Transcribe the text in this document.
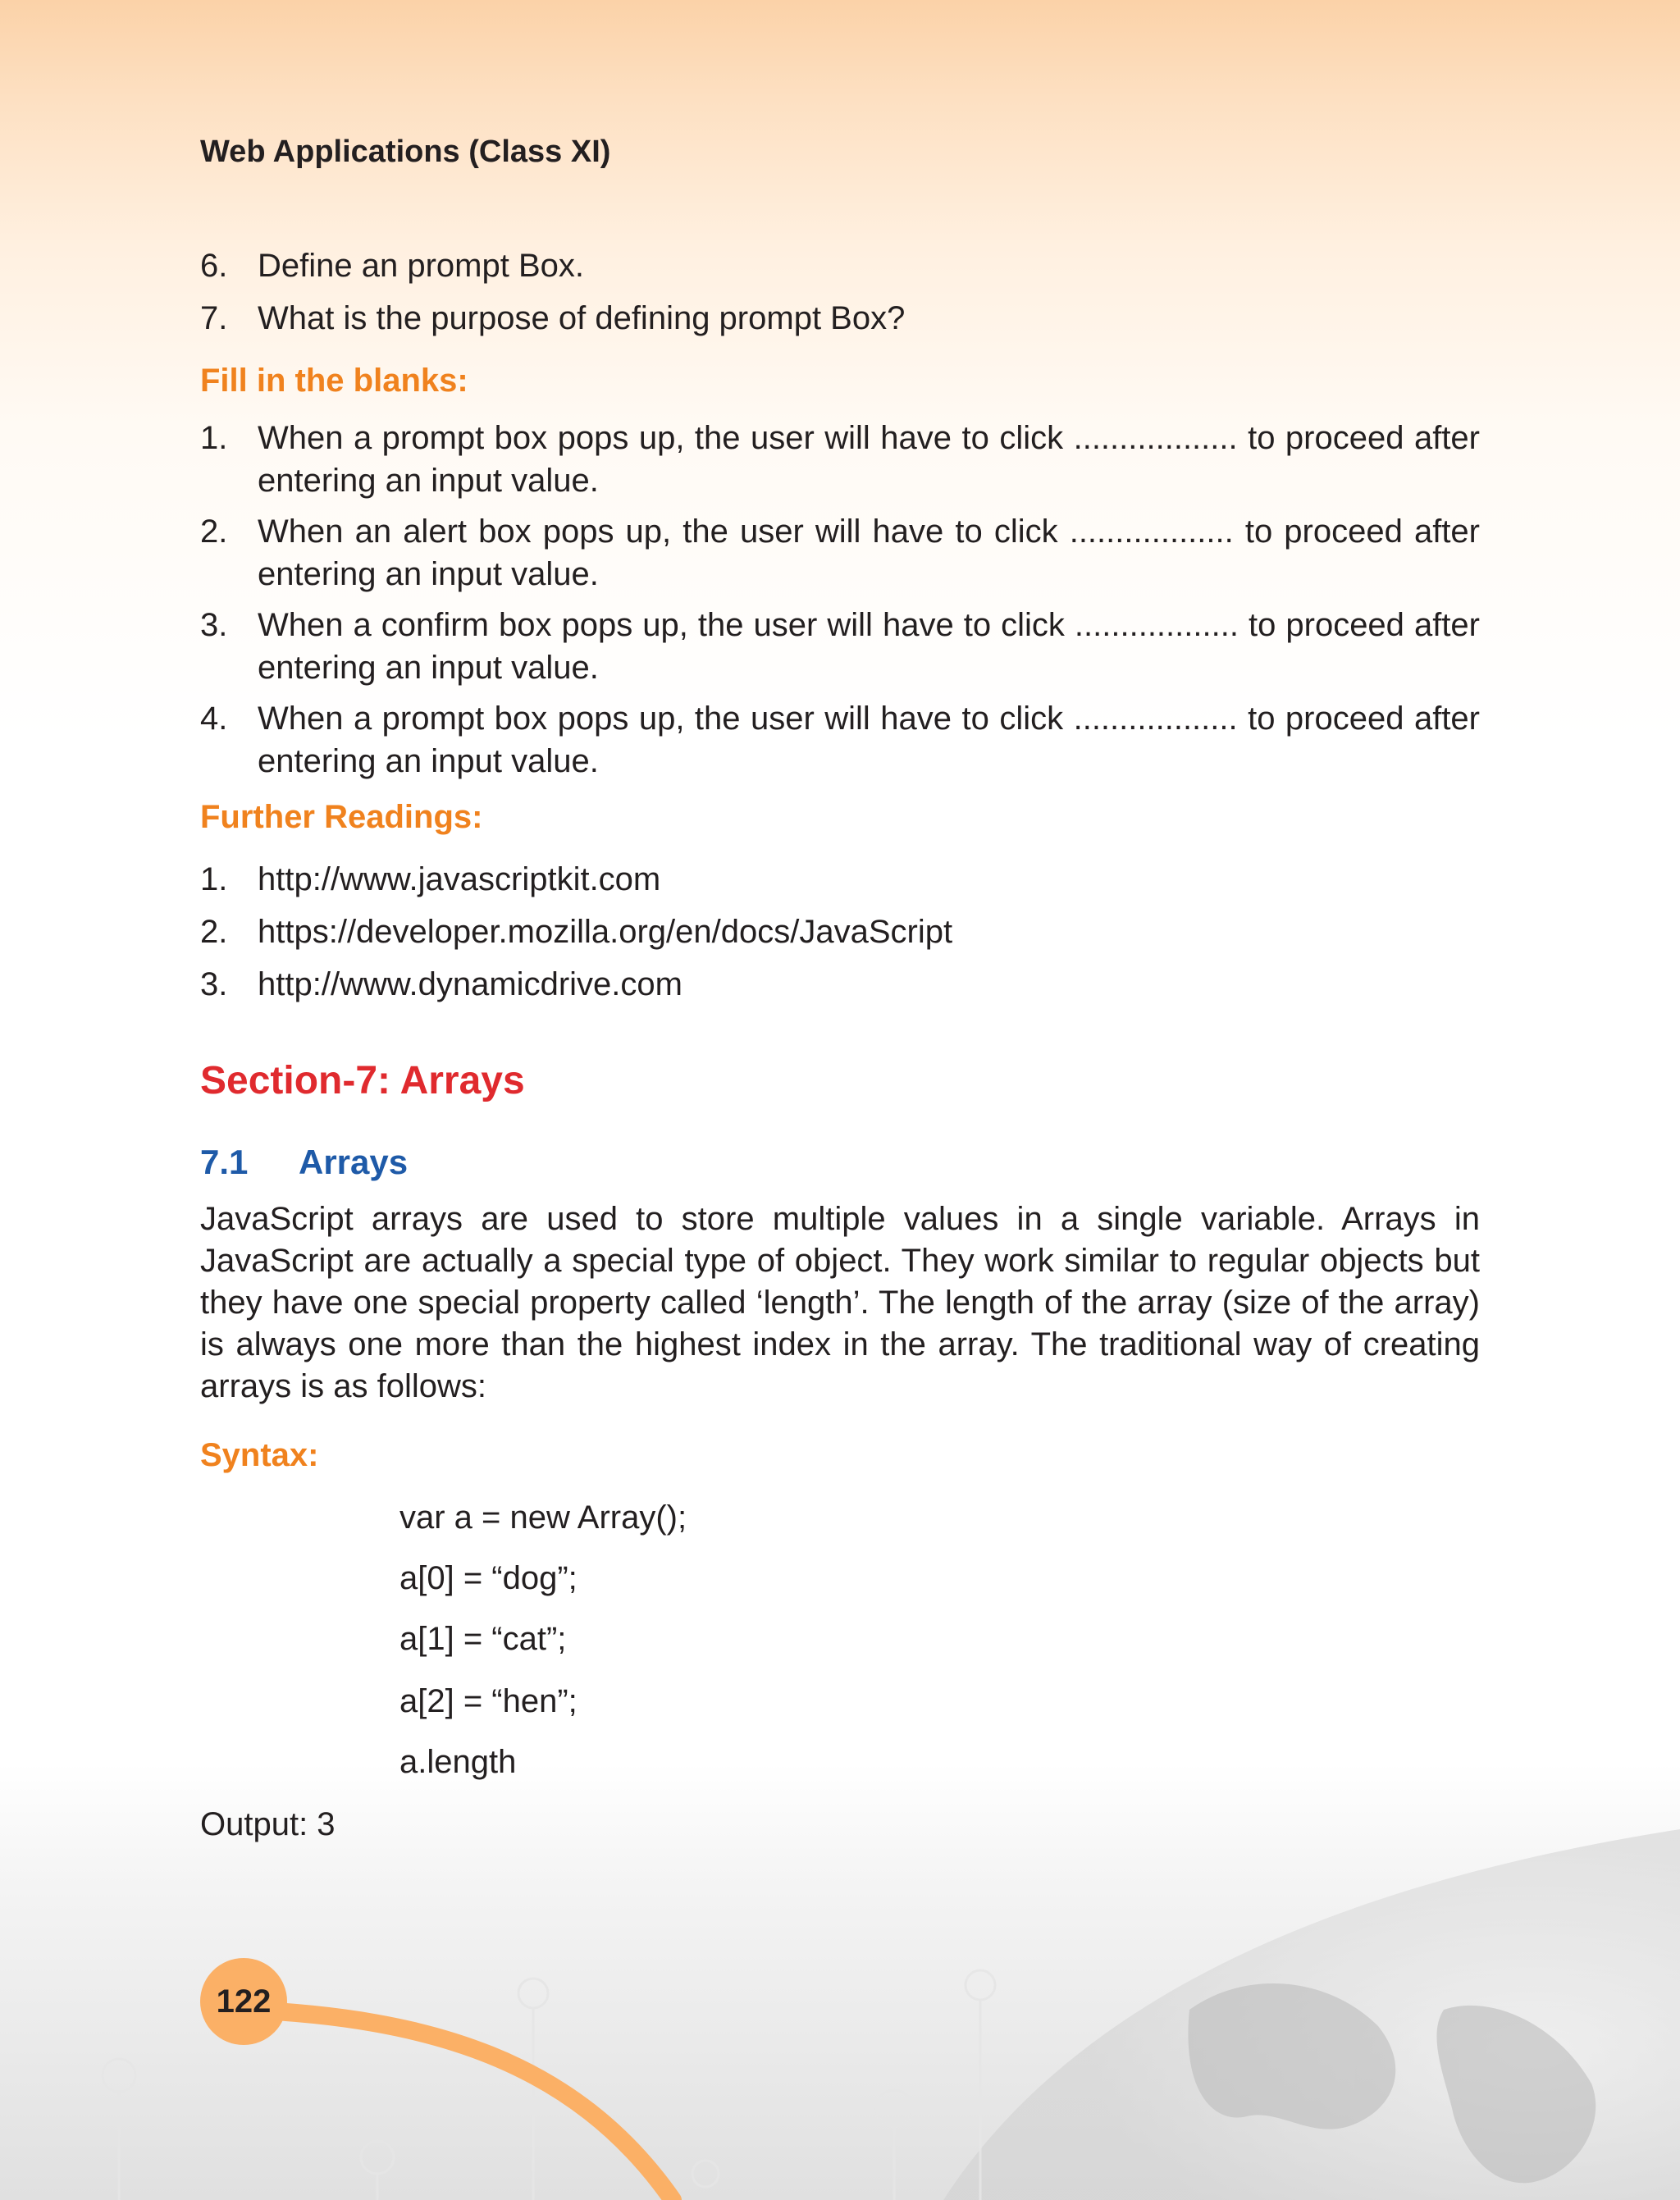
Web Applications (Class XI)
6. Define an prompt Box.
7. What is the purpose of defining prompt Box?
Fill in the blanks:
1. When a prompt box pops up, the user will have to click .................. to proceed after entering an input value.
2. When an alert box pops up, the user will have to click .................. to proceed after entering an input value.
3. When a confirm box pops up, the user will have to click .................. to proceed after entering an input value.
4. When a prompt box pops up, the user will have to click .................. to proceed after entering an input value.
Further Readings:
1. http://www.javascriptkit.com
2. https://developer.mozilla.org/en/docs/JavaScript
3. http://www.dynamicdrive.com
Section-7: Arrays
7.1	Arrays
JavaScript arrays are used to store multiple values in a single variable. Arrays in JavaScript are actually a special type of object. They work similar to regular objects but they have one special property called ‘length’. The length of the array (size of the array) is always one more than the highest index in the array. The traditional way of creating arrays is as follows:
Syntax:
var a = new Array();
a[0] = “dog”;
a[1] = “cat”;
a[2] = “hen”;
a.length
Output: 3
122
